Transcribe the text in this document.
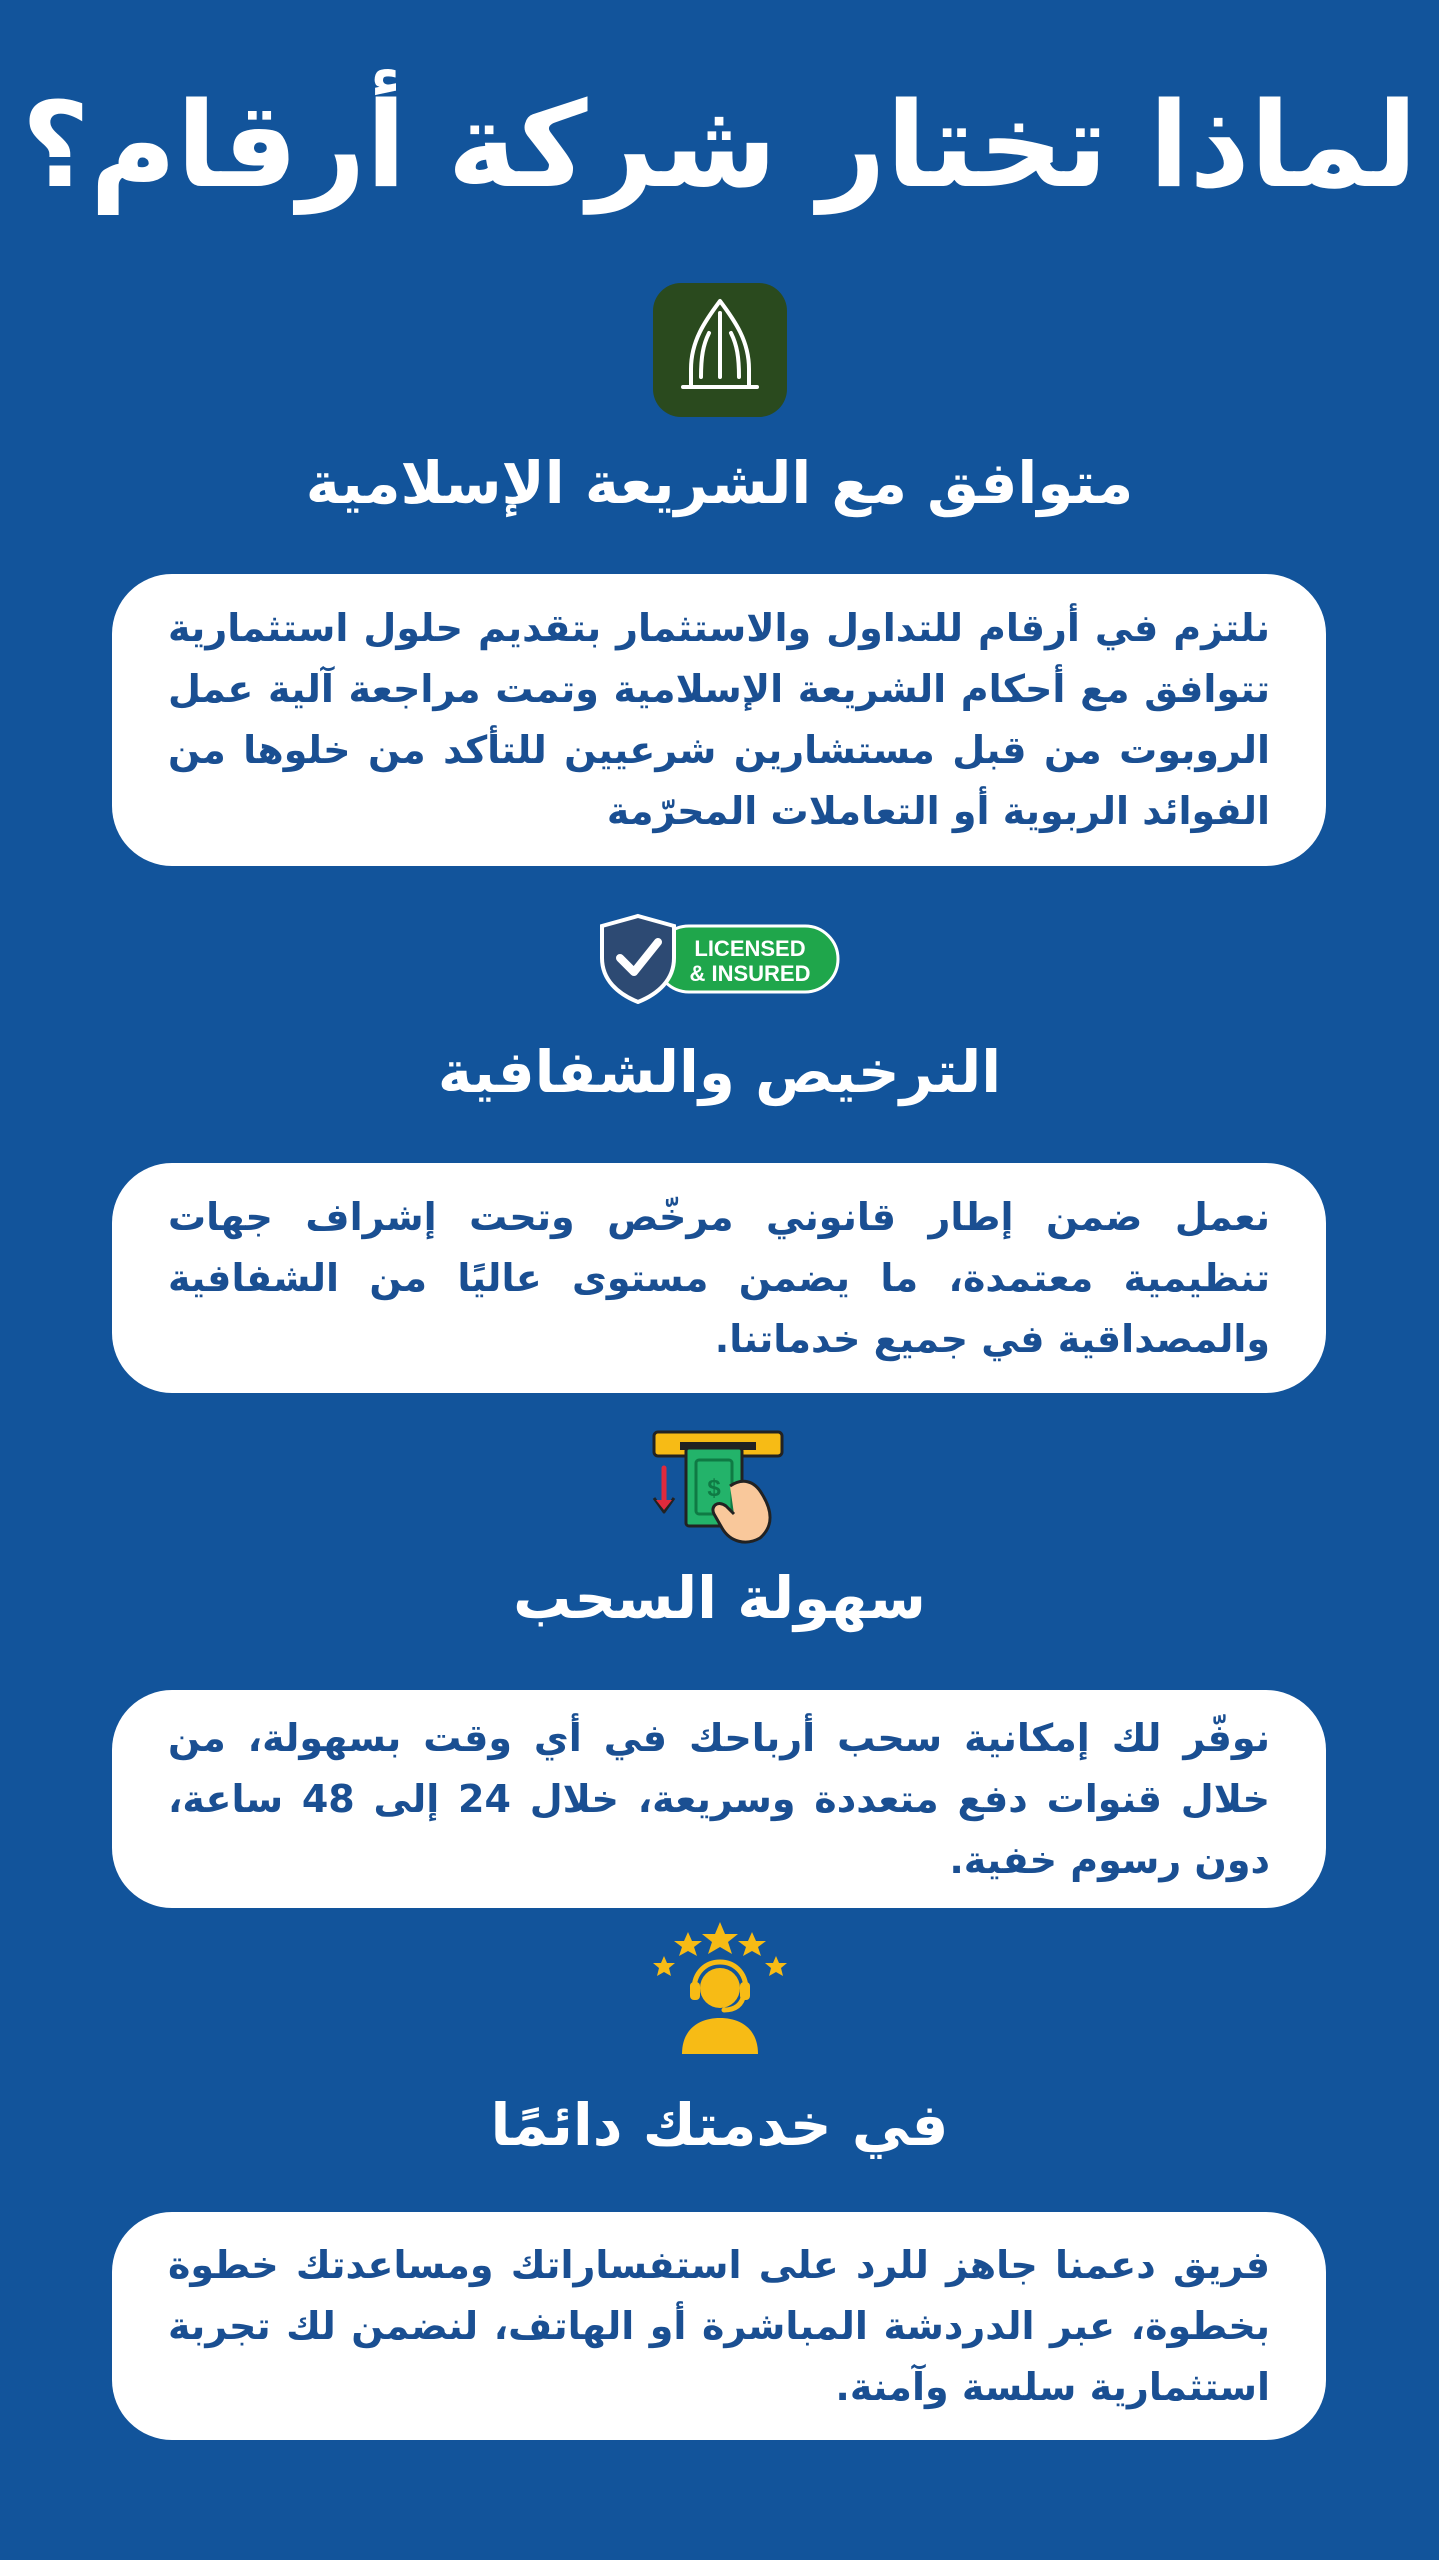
لماذا تختار شركة أرقام؟
متوافق مع الشريعة الإسلامية

نلتزم في أرقام للتداول والاستثمار بتقديم حلول استثمارية تتوافق مع أحكام الشريعة الإسلامية وتمت مراجعة آلية عمل الروبوت من قبل مستشارين شرعيين للتأكد من خلوها من الفوائد الربوية أو التعاملات المحرّمة

LICENSED
& INSURED
الترخيص والشفافية

نعمل ضمن إطار قانوني مرخّص وتحت إشراف جهات تنظيمية معتمدة، ما يضمن مستوى عاليًا من الشفافية والمصداقية في جميع خدماتنا.

$
سهولة السحب

نوفّر لك إمكانية سحب أرباحك في أي وقت بسهولة، من خلال قنوات دفع متعددة وسريعة، خلال 24 إلى 48 ساعة، دون رسوم خفية.

في خدمتك دائمًا

فريق دعمنا جاهز للرد على استفساراتك ومساعدتك خطوة بخطوة، عبر الدردشة المباشرة أو الهاتف، لنضمن لك تجربة استثمارية سلسة وآمنة.
